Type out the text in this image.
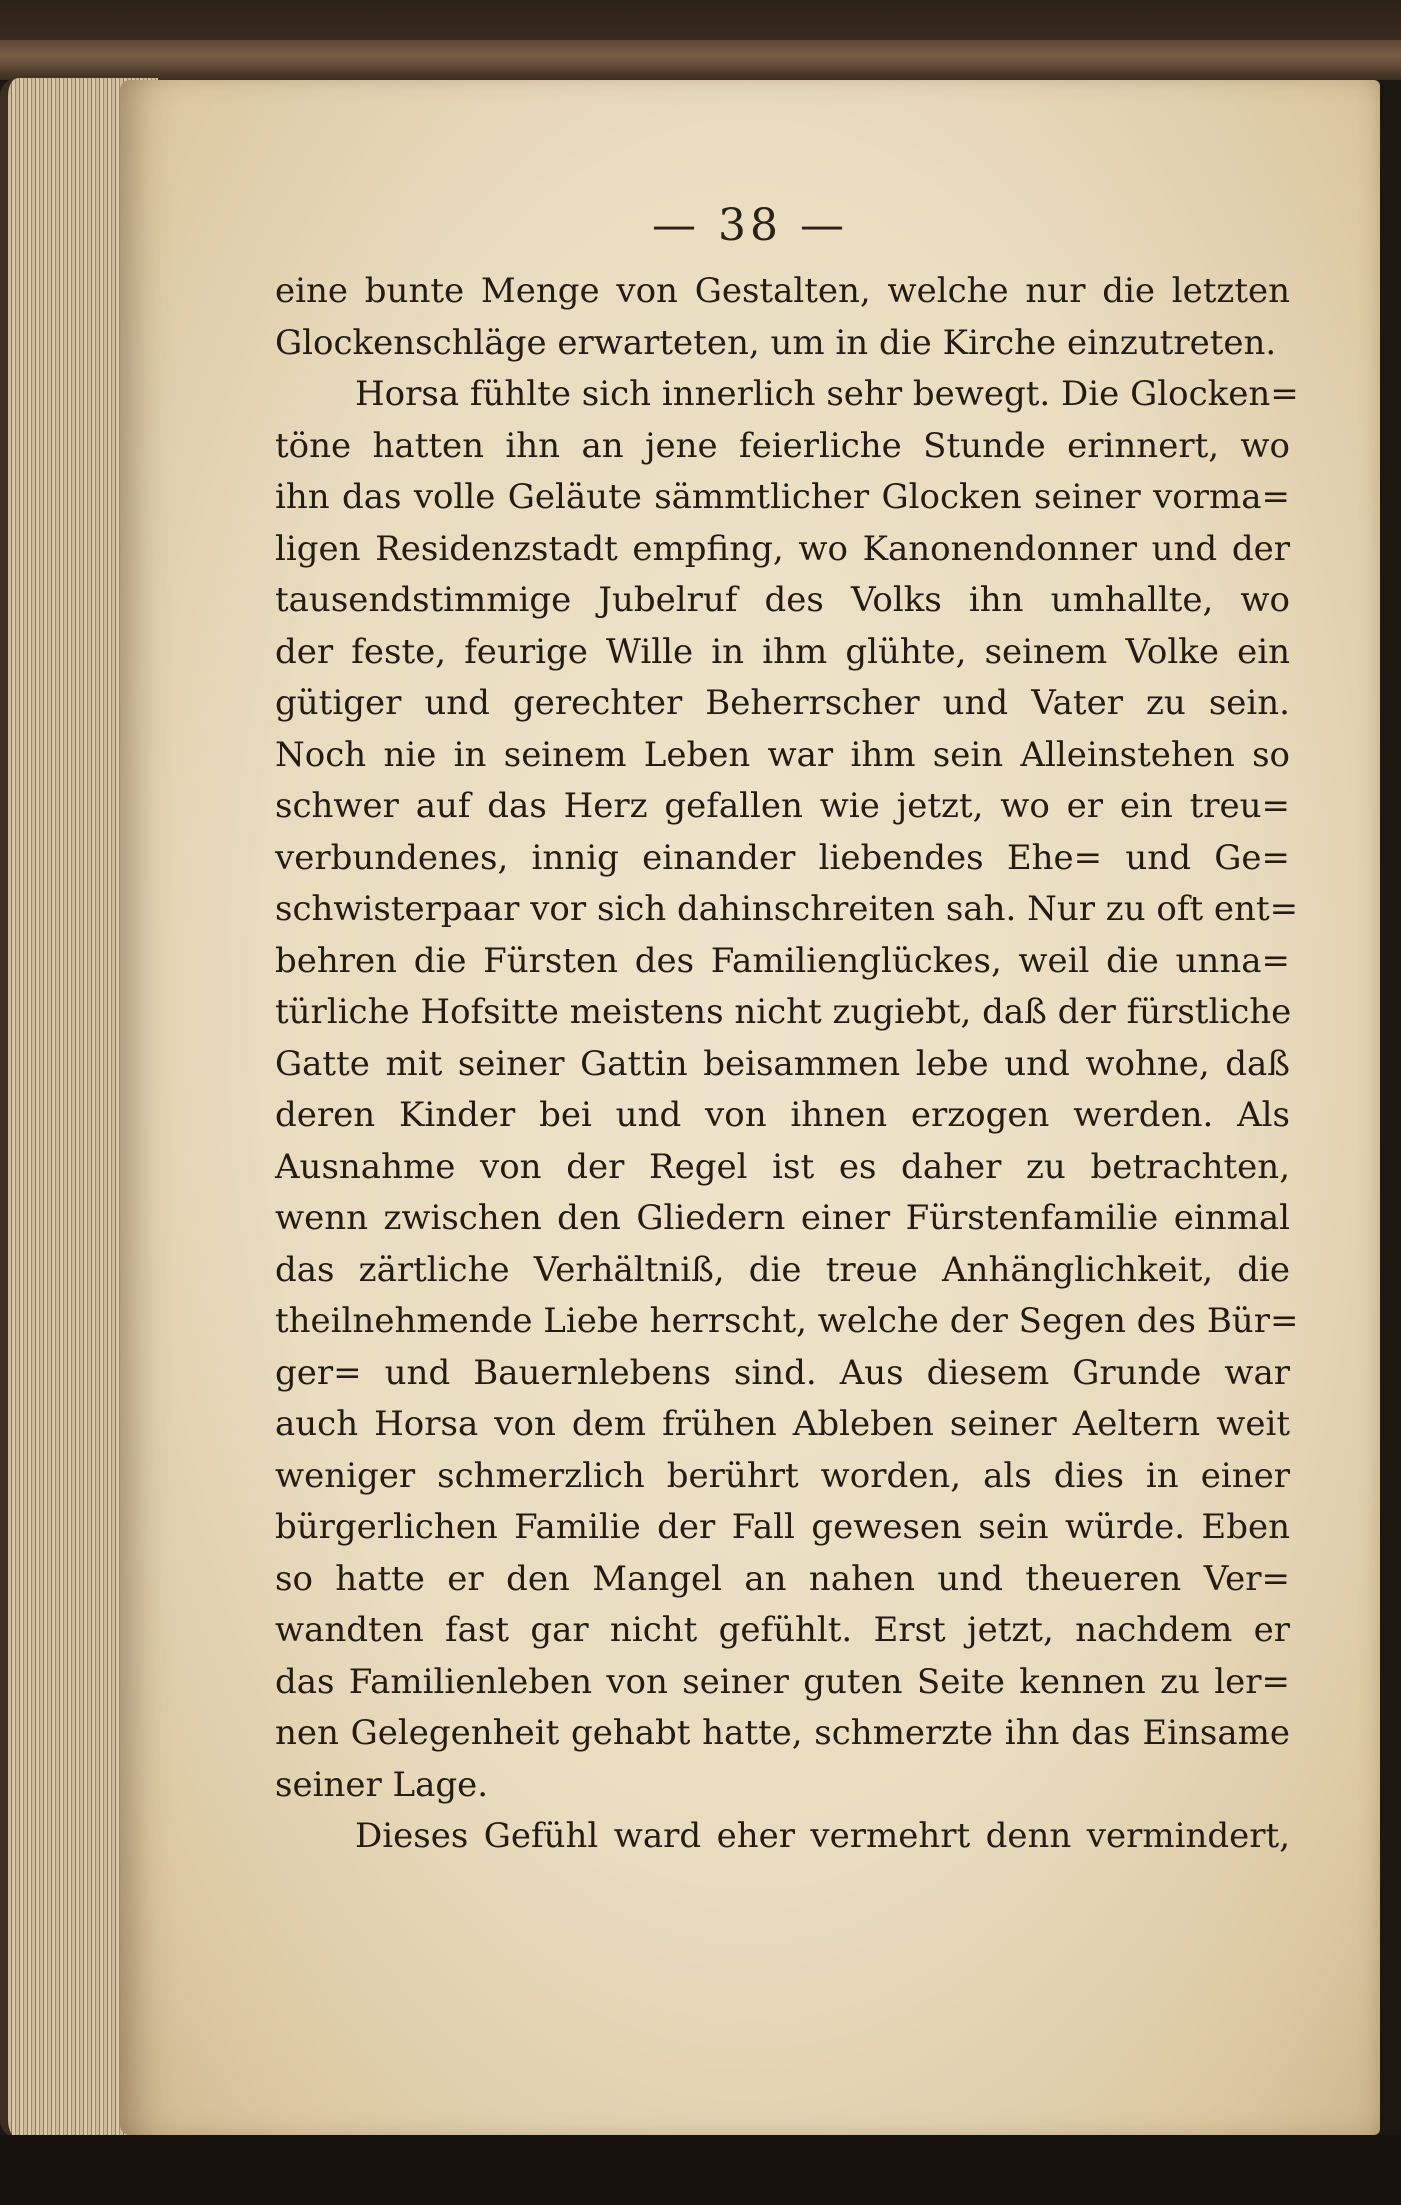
— 38 —
eine bunte Menge von Gestalten, welche nur die letzten
Glockenschläge erwarteten, um in die Kirche einzutreten.
Horsa fühlte sich innerlich sehr bewegt. Die Glocken=
töne hatten ihn an jene feierliche Stunde erinnert, wo
ihn das volle Geläute sämmtlicher Glocken seiner vorma=
ligen Residenzstadt empfing, wo Kanonendonner und der
tausendstimmige Jubelruf des Volks ihn umhallte, wo
der feste, feurige Wille in ihm glühte, seinem Volke ein
gütiger und gerechter Beherrscher und Vater zu sein.
Noch nie in seinem Leben war ihm sein Alleinstehen so
schwer auf das Herz gefallen wie jetzt, wo er ein treu=
verbundenes, innig einander liebendes Ehe= und Ge=
schwisterpaar vor sich dahinschreiten sah. Nur zu oft ent=
behren die Fürsten des Familienglückes, weil die unna=
türliche Hofsitte meistens nicht zugiebt, daß der fürstliche
Gatte mit seiner Gattin beisammen lebe und wohne, daß
deren Kinder bei und von ihnen erzogen werden. Als
Ausnahme von der Regel ist es daher zu betrachten,
wenn zwischen den Gliedern einer Fürstenfamilie einmal
das zärtliche Verhältniß, die treue Anhänglichkeit, die
theilnehmende Liebe herrscht, welche der Segen des Bür=
ger= und Bauernlebens sind. Aus diesem Grunde war
auch Horsa von dem frühen Ableben seiner Aeltern weit
weniger schmerzlich berührt worden, als dies in einer
bürgerlichen Familie der Fall gewesen sein würde. Eben
so hatte er den Mangel an nahen und theueren Ver=
wandten fast gar nicht gefühlt. Erst jetzt, nachdem er
das Familienleben von seiner guten Seite kennen zu ler=
nen Gelegenheit gehabt hatte, schmerzte ihn das Einsame
seiner Lage.
Dieses Gefühl ward eher vermehrt denn vermindert,
